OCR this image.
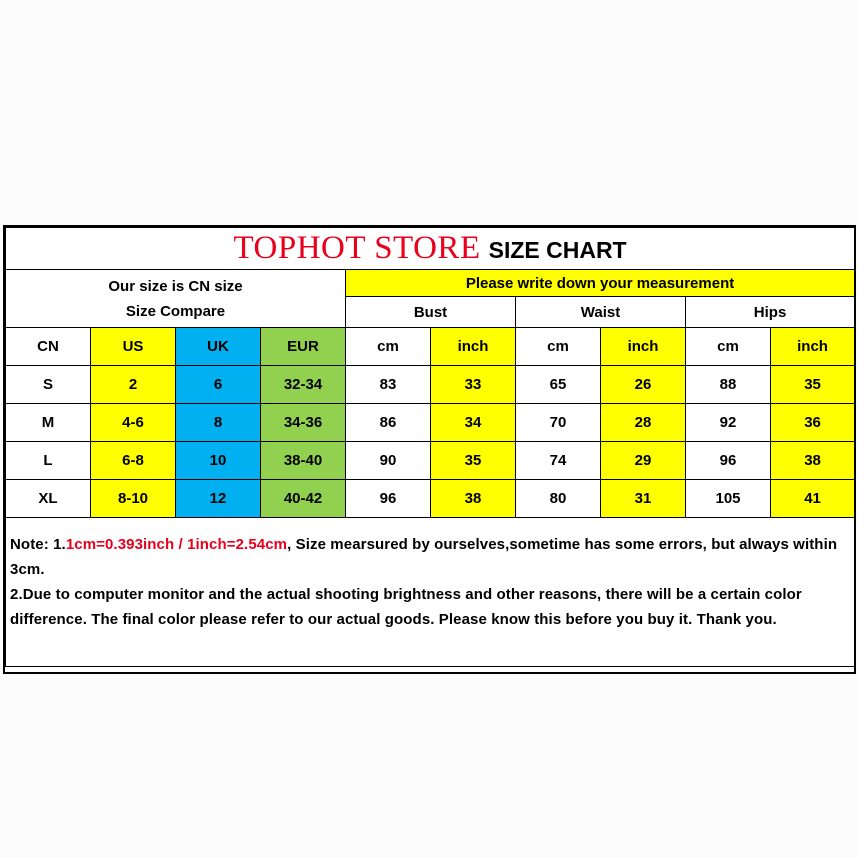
TOPHOT STORE SIZE CHART									

Our size is CN size
Size Compare				Please write down your measurement					
				Bust		Waist		Hips	
CN	US	UK	EUR	cm	inch	cm	inch	cm	inch
S	2	6	32-34	83	33	65	26	88	35
M	4-6	8	34-36	86	34	70	28	92	36
L	6-8	10	38-40	90	35	74	29	96	38
XL	8-10	12	40-42	96	38	80	31	105	41
Note: 1.1cm=0.393inch / 1inch=2.54cm, Size mearsured by ourselves,sometime has some errors, but always within 3cm.
2.Due to computer monitor and the actual shooting brightness and other reasons, there will be a certain color difference. The final color please refer to our actual goods. Please know this before you buy it. Thank you.									
